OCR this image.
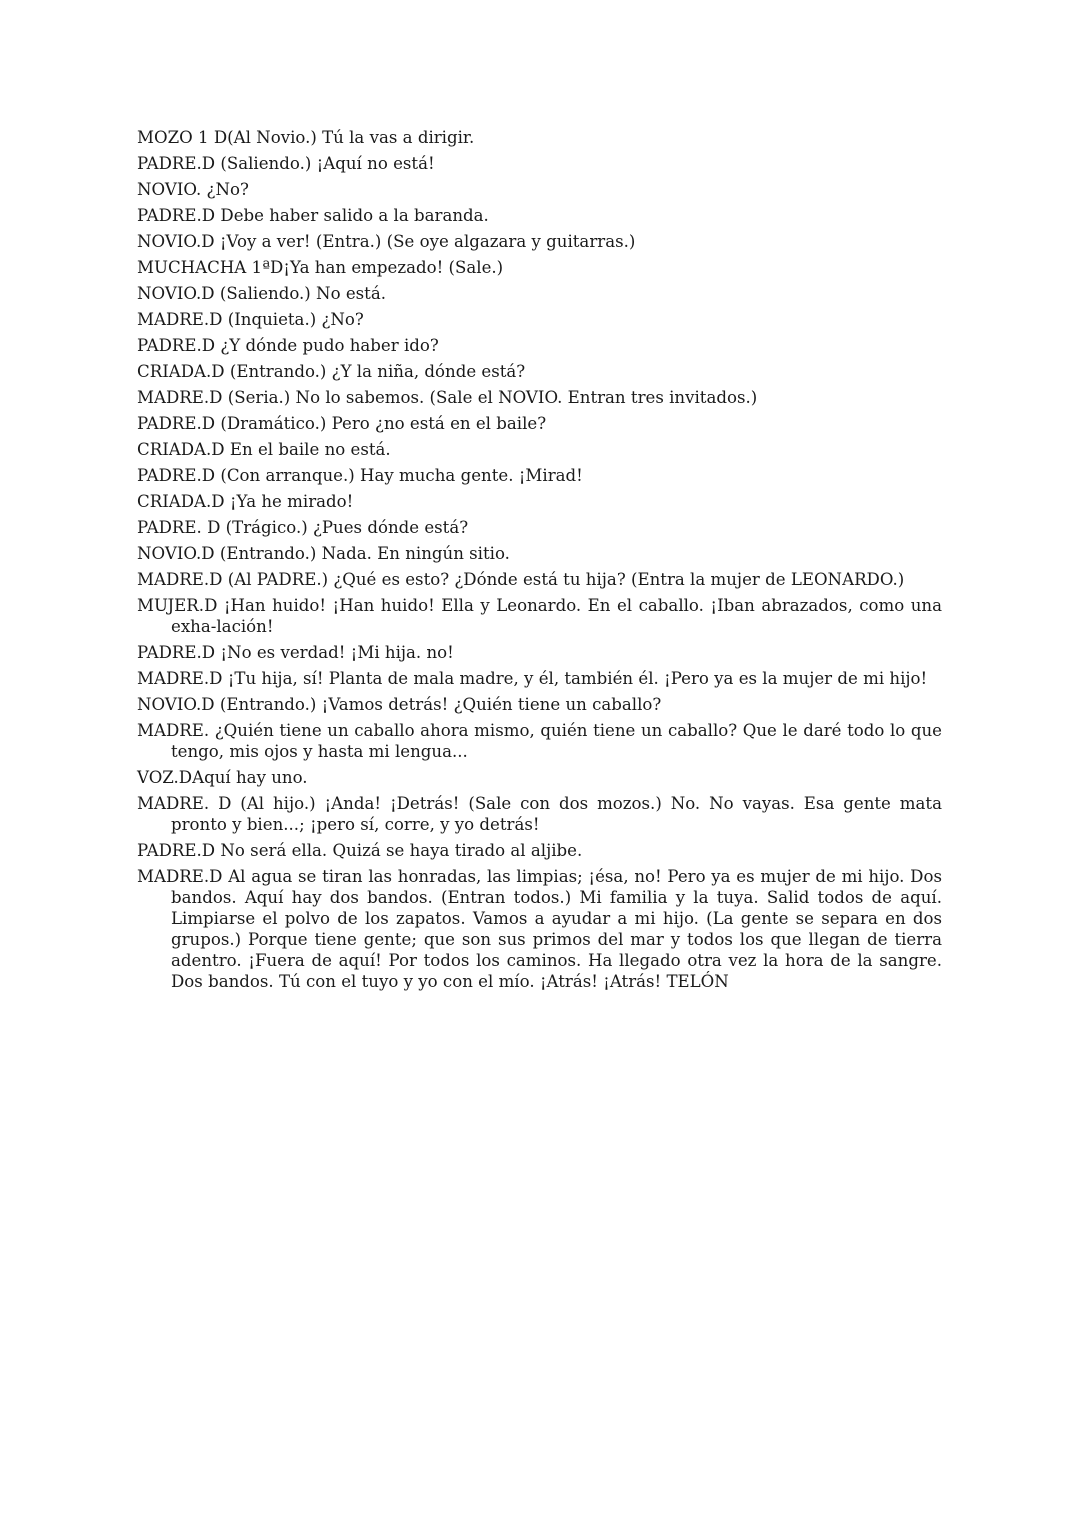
MOZO 1 D(Al Novio.) Tú la vas a dirigir.

PADRE.D (Saliendo.) ¡Aquí no está!

NOVIO. ¿No?

PADRE.D Debe haber salido a la baranda.

NOVIO.D ¡Voy a ver! (Entra.) (Se oye algazara y guitarras.)

MUCHACHA 1ªD¡Ya han empezado! (Sale.)

NOVIO.D (Saliendo.) No está.

MADRE.D (Inquieta.) ¿No?

PADRE.D ¿Y dónde pudo haber ido?

CRIADA.D (Entrando.) ¿Y la niña, dónde está?

MADRE.D (Seria.) No lo sabemos. (Sale el NOVIO. Entran tres invitados.)

PADRE.D (Dramático.) Pero ¿no está en el baile?

CRIADA.D En el baile no está.

PADRE.D (Con arranque.) Hay mucha gente. ¡Mirad!

CRIADA.D ¡Ya he mirado!

PADRE. D (Trágico.) ¿Pues dónde está?

NOVIO.D (Entrando.) Nada. En ningún sitio.

MADRE.D (Al PADRE.) ¿Qué es esto? ¿Dónde está tu hija? (Entra la mujer de LEONARDO.)

MUJER.D ¡Han huido! ¡Han huido! Ella y Leonardo. En el caballo. ¡Iban abrazados, como una exha-lación!

PADRE.D ¡No es verdad! ¡Mi hija. no!

MADRE.D ¡Tu hija, sí! Planta de mala madre, y él, también él. ¡Pero ya es la mujer de mi hijo!

NOVIO.D (Entrando.) ¡Vamos detrás! ¿Quién tiene un caballo?

MADRE. ¿Quién tiene un caballo ahora mismo, quién tiene un caballo? Que le daré todo lo que tengo, mis ojos y hasta mi lengua...

VOZ.DAquí hay uno.

MADRE. D (Al hijo.) ¡Anda! ¡Detrás! (Sale con dos mozos.) No. No vayas. Esa gente mata pronto y bien...; ¡pero sí, corre, y yo detrás!

PADRE.D No será ella. Quizá se haya tirado al aljibe.

MADRE.D Al agua se tiran las honradas, las limpias; ¡ésa, no! Pero ya es mujer de mi hijo. Dos bandos. Aquí hay dos bandos. (Entran todos.) Mi familia y la tuya. Salid todos de aquí. Limpiarse el polvo de los zapatos. Vamos a ayudar a mi hijo. (La gente se separa en dos grupos.) Porque tiene gente; que son sus primos del mar y todos los que llegan de tierra adentro. ¡Fuera de aquí! Por todos los caminos. Ha llegado otra vez la hora de la sangre. Dos bandos. Tú con el tuyo y yo con el mío. ¡Atrás! ¡Atrás! TELÓN
